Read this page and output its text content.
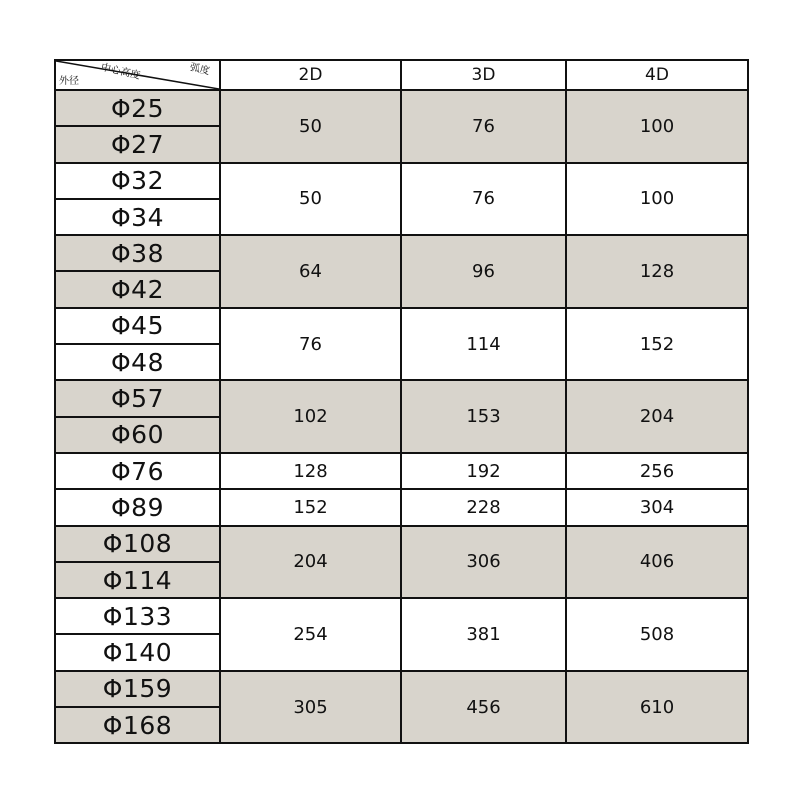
外径 中心高度 弧度	2D	3D	4D
Φ25	50	76	100
Φ27			
Φ32	50	76	100
Φ34			
Φ38	64	96	128
Φ42			
Φ45	76	114	152
Φ48			
Φ57	102	153	204
Φ60			
Φ76	128	192	256
Φ89	152	228	304
Φ108	204	306	406
Φ114			
Φ133	254	381	508
Φ140			
Φ159	305	456	610
Φ168			
